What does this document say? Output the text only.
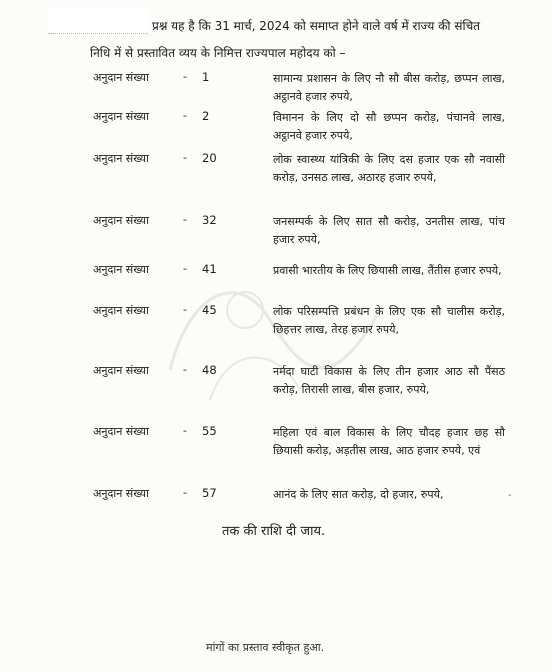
प्रश्न यह है कि 31 मार्च, 2024 को समाप्त होने वाले वर्ष में राज्य की संचित
निधि में से प्रस्तावित व्यय के निमित्त राज्यपाल महोदय को –
अनुदान संख्या	- 1	सामान्य प्रशासन के लिए नौ सौ बीस करोड़, छप्पन लाख, अट्ठानवे हजार रुपये,
अनुदान संख्या	- 2	विमानन के लिए दो सौ छप्पन करोड़, पंचानवे लाख, अट्ठानवे हजार रुपये,
अनुदान संख्या	- 20	लोक स्वास्थ्य यांत्रिकी के लिए दस हजार एक सौ नवासी करोड़, उनसठ लाख, अठारह हजार रुपये,
अनुदान संख्या	- 32	जनसम्पर्क के लिए सात सौ करोड़, उनतीस लाख, पांच हजार रुपये,
अनुदान संख्या	- 41	प्रवासी भारतीय के लिए छियासी लाख, तैंतीस हजार रुपये,
अनुदान संख्या	- 45	लोक परिसम्पत्ति प्रबंधन के लिए एक सौ चालीस करोड़, छिहत्तर लाख, तेरह हजार रुपये,
अनुदान संख्या	- 48	नर्मदा घाटी विकास के लिए तीन हजार आठ सौ पैंसठ करोड़, तिरासी लाख, बीस हजार, रुपये,
अनुदान संख्या	- 55	महिला एवं बाल विकास के लिए चौदह हजार छह सौ छियासी करोड़, अड़तीस लाख, आठ हजार रुपये, एवं
अनुदान संख्या	- 57	आनंद के लिए सात करोड़, दो हजार, रुपये,	-
तक की राशि दी जाय.
मांगों का प्रस्ताव स्वीकृत हुआ.
